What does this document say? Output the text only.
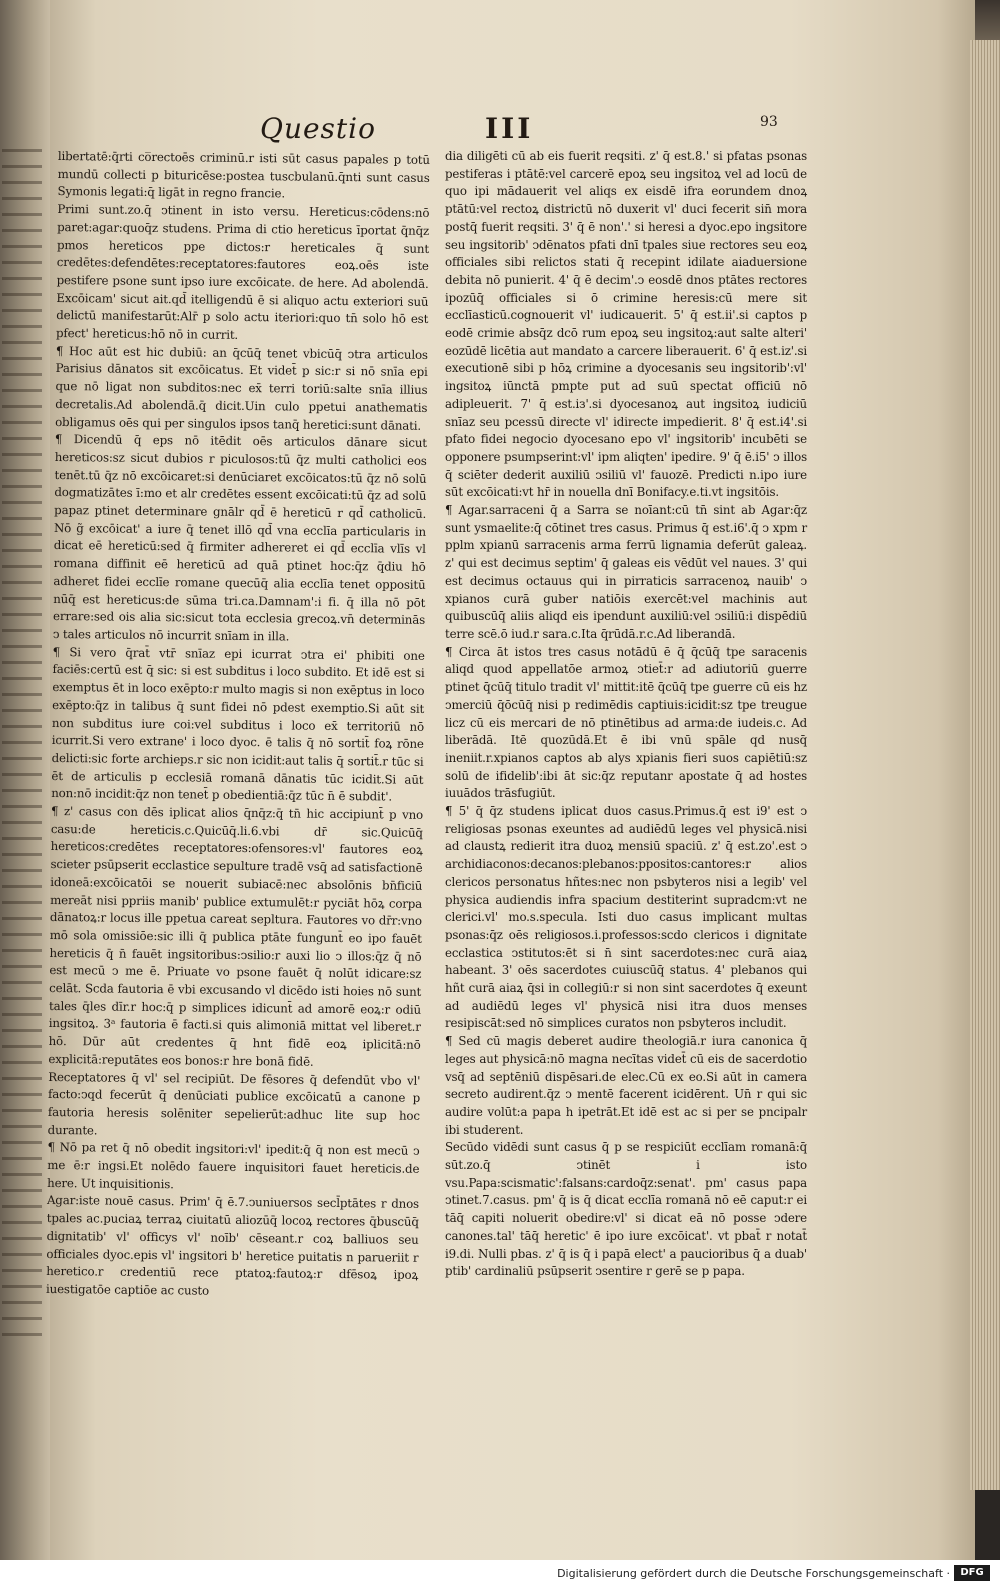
Questio	III	93

libertatē:q̄rti co̅rectoēs criminū.r isti sūt casus papales p totū mundū collecti p bituricēse:postea tuscbulanū.q̄nti sunt casus Symonis legati:q̄ ligāt in regno francie.

Primi sunt.zo.q̄ ↄtinent in isto versu. Hereticus:cōdens:nō paret:agar:quoq̄z studens. Prima di ctio hereticus īportat q̄nq̄z pmos hereticos ppe dictos:r hereticales q̄ sunt credētes:defendētes:receptatores:fautores eoꝝ.oēs iste pestifere psone sunt ipso iure excōicate. de here. Ad abolendā. Excōicam' sicut ait.qd̄ itelligendū ē si aliquo actu exteriori suū delictū manifestarūt:Alr̄ p solo actu iteriori:quo tn̄ solo hō est pfect' hereticus:hō nō in currit.

¶ Hoc aūt est hic dubiū: an q̄cūq̄ tenet vbicūq̄ ↄtra articulos Parisius dānatos sit excōicatus. Et videt̄ p sic:r si nō snīa epi que nō ligat non subditos:nec ex̄ terri toriū:salte snīa illius decretalis.Ad abolendā.q̄ dicit.Uin culo ppetui anathematis obligamus oēs qui per singulos ipsos tanq̄ heretici:sunt dānati.

¶ Dicendū q̄ eps nō itēdit oēs articulos dānare sicut hereticos:sz sicut dubios r piculosos:tū q̄z multi catholici eos tenēt.tū q̄z nō excōicaret:si denūciaret excōicatos:tū q̄z nō solū dogmatizātes ī:mo et alr credētes essent excōicati:tū q̄z ad solū papaz ptinet determinare gnālr qd̄ ē hereticū r qd̄ catholicū. Nō g̃ excōicat' a iure q̄ tenet illō qd̄ vna ecclīa particularis in dicat eē hereticū:sed q̄ firmiter adhereret ei qd̄ ecclīa vlīs vl romana diffinit eē hereticū ad quā ptinet hoc:q̄z q̄diu hō adheret fidei ecclīe romane quecūq̄ alia ecclīa tenet oppositū nūq̄ est hereticus:de sūma tri.ca.Damnam':i fi. q̄ illa nō pōt errare:sed ois alia sic:sicut tota ecclesia grecoꝝ.vn̄ determinās ↄ tales articulos nō incurrit snīam in illa.

¶ Si vero q̄rat̄ vtr̄ snīaz epi icurrat ↄtra ei' phibiti one faciēs:certū est q̄ sic: si est subditus i loco subdito. Et idē est si exemptus ēt in loco exēpto:r multo magis si non exēptus in loco exēpto:q̄z in talibus q̄ sunt fidei nō pdest exemptio.Si aūt sit non subditus iure coi:vel subditus i loco ex̄ territoriū nō icurrit.Si vero extrane' i loco dyoc. ē talis q̄ nō sortit̄ foꝝ rōne delicti:sic forte archieps.r sic non icidit:aut talis q̄ sortit̄.r tūc si ēt de articulis p ecclesiā romanā dānatis tūc icidit.Si aūt non:nō incidit:q̄z non tenet̄ p obedientiā:q̄z tūc n̄ ē subdit'.

¶ z' casus con dēs iplicat alios q̄nq̄z:q̄ tn̄ hic accipiunt̄ p vno casu:de hereticis.c.Quicūq̄.li.6.vbi dr̄ sic.Quicūq̄ hereticos:credētes receptatores:ofensores:vl' fautores eoꝝ scieter psūpserit ecclastice sepulture tradē vsq̄ ad satisfactionē idoneā:excōicatōi se nouerit subiacē:nec absolōnis bn̄ficiū mereāt nisi ppriis manib' publice extumulēt:r pyciāt hōꝝ corpa dānatoꝝ:r locus ille ppetua careat sepltura. Fautores vo dr̄r:vno mō sola omissiōe:sic illi q̄ publica ptāte fungunt̄ eo ipo fauēt hereticis q̄ n̄ fauēt ingsitoribus:ↄsilio:r auxi lio ↄ illos:q̄z q̄ nō est mecū ↄ me ē. Priuate vo psone fauēt q̄ nolūt idicare:sz celāt. Scda fautoria ē vbi excusando vl dicēdo isti hoies nō sunt tales q̄les dīr.r hoc:q̄ p simplices idicunt̄ ad amorē eoꝝ:r odiū ingsitoꝝ. 3ᵃ fautoria ē facti.si quis alimoniā mittat vel liberet.r hō. Dūr aūt credentes q̄ hnt fidē eoꝝ iplicitā:nō explicitā:reputātes eos bonos:r hre bonā fidē.

Receptatores q̄ vl' sel recipiūt. De fēsores q̄ defendūt vbo vl' facto:ↄqd fecerūt q̄ denūciati publice excōicatū a canone p fautoria heresis solēniter sepelierūt:adhuc lite sup hoc durante.

¶ Nō pa ret q̄ nō obedit ingsitori:vl' ipedit:q̄ q̄ non est mecū ↄ me ē:r ingsi.Et nolēdo fauere inquisitori fauet hereticis.de here. Ut inquisitionis.

Agar:iste nouē casus. Prim' q̄ ē.7.ↄuniuersos secl̄ptātes r dnos tpales ac.puciaꝝ terraꝝ ciuitatū aliozūq̄ locoꝝ rectores q̄buscūq̄ dignitatib' vl' officys vl' noīb' cēseant.r coꝝ balliuos seu officiales dyoc.epis vl' ingsitori b' heretice puitatis n parueriit r heretico.r credentiū rece ptatoꝝ:fautoꝝ:r dfēsoꝝ ipoꝝ iuestigatōe captiōe ac custo

dia diligēti cū ab eis fuerit reqsiti. z' q̄ est.8.' si pfatas psonas pestiferas i ptātē:vel carcerē epoꝝ seu ingsitoꝝ vel ad locū de quo ipi mādauerit vel aliqs ex eisdē ifra eorundem dnoꝝ ptātū:vel rectoꝝ districtū nō duxerit vl' duci fecerit sin̄ mora postq̄ fuerit reqsiti. 3' q̄ ē non'.' si heresi a dyoc.epo ingsitore seu ingsitorib' ↄdēnatos pfati dnī tpales siue rectores seu eoꝝ officiales sibi relictos stati q̄ recepint idilate aiaduersione debita nō punierit. 4' q̄ ē decim'.ↄ eosdē dnos ptātes rectores ipozūq̄ officiales si ō crimine heresis:cū mere sit ecclīasticū.cognouerit vl' iudicauerit. 5' q̄ est.ii'.si captos p eodē crimie absq̄z dcō rum epoꝝ seu ingsitoꝝ:aut salte alteri' eozūdē licētia aut mandato a carcere liberauerit. 6' q̄ est.iz'.si executionē sibi p hōꝝ crimine a dyocesanis seu ingsitorib':vl' ingsitoꝝ iūnctā pmpte put ad suū spectat officiū nō adipleuerit. 7' q̄ est.iз'.si dyocesanoꝝ aut ingsitoꝝ iudiciū snīaz seu pcessū directe vl' idirecte impedierit. 8' q̄ est.i4'.si pfato fidei negocio dyocesano epo vl' ingsitorib' incubēti se opponere psumpserint:vl' ipm aliqten' ipedire. 9' q̄ ē.i5' ↄ illos q̄ sciēter dederit auxiliū ↄsiliū vl' fauozē. Predicti n.ipo iure sūt excōicati:vt hr̄ in nouella dnī Bonifacy.e.ti.vt ingsitōis.

¶ Agar.sarraceni q̄ a Sarra se noīant:cū tn̄ sint ab Agar:q̄z sunt ysmaelite:q̄ cōtinet tres casus. Primus q̄ est.i6'.q̄ ↄ xpm r pplm xpianū sarracenis arma ferrū lignamia deferūt galeaꝝ. z' qui est decimus septim' q̄ galeas eis vēdūt vel naues. 3' qui est decimus octauus qui in pirraticis sarracenoꝝ nauib' ↄ xpianos curā guber natiōis exercēt:vel machinis aut quibuscūq̄ aliis aliqd eis ipendunt auxiliū:vel ↄsiliū:i dispēdiū terre scē.ō iud.r sara.c.Ita q̄rūdā.r.c.Ad liberandā.

¶ Circa āt istos tres casus notādū ē q̄ q̄cūq̄ tpe saracenis aliqd quod appellatōe armoꝝ ↄtiet̄:r ad adiutoriū guerre ptinet q̄cūq̄ titulo tradit vl' mittit:itē q̄cūq̄ tpe guerre cū eis hz ↄmerciū q̄ōcūq̄ nisi p redimēdis captiuis:icidit:sz tpe treugue licz cū eis mercari de nō ptinētibus ad arma:de iudeis.c. Ad liberādā. Itē quozūdā.Et ē ibi vnū spāle qd nusq̄ ineniit.r.xpianos captos ab alys xpianis fieri suos capiētiū:sz solū de ifidelib':ibi āt sic:q̄z reputanr apostate q̄ ad hostes iuuādos trāsfugiūt.

¶ 5' q̄ q̄z studens iplicat duos casus.Primus.q̄ est i9' est ↄ religiosas psonas exeuntes ad audiēdū leges vel physicā.nisi ad claustꝝ redierit itra duoꝝ mensiū spaciū. z' q̄ est.zo'.est ↄ archidiaconos:decanos:plebanos:ppositos:cantores:r alios clericos personatus hñtes:nec non psbyteros nisi a legib' vel physica audiendis infra spacium destiterint supradcm:vt ne clerici.vl' mo.s.specula. Isti duo casus implicant multas psonas:q̄z oēs religiosos.i.professos:scdo clericos i dignitate ecclastica ↄstitutos:ēt si n̄ sint sacerdotes:nec curā aiaꝝ habeant. 3' oēs sacerdotes cuiuscūq̄ status. 4' plebanos qui hñt curā aiaꝝ q̄si in collegiū:r si non sint sacerdotes q̄ exeunt ad audiēdū leges vl' physicā nisi itra duos menses resipiscāt:sed nō simplices curatos non psbyteros includit.

¶ Sed cū magis deberet audire theologiā.r iura canonica q̄ leges aut physicā:nō magna necītas videt̄ cū eis de sacerdotio vsq̄ ad septēniū dispēsari.de elec.Cū ex eo.Si aūt in camera secreto audirent.q̄z ↄ mentē facerent icidērent. Un̄ r qui sic audire volūt:a papa h ipetrāt.Et idē est ac si per se pncipalr ibi studerent.

Secūdo vidēdi sunt casus q̄ p se respiciūt ecclīam romanā:q̄ sūt.zo.q̄ ↄtinēt i isto vsu.Papa:scismatic':falsans:cardoq̄z:senat'. pm' casus papa ↄtinet.7.casus. pm' q̄ is q̄ dicat ecclīa romanā nō eē caput:r ei tāq̄ capiti noluerit obedire:vl' si dicat eā nō posse ↄdere canones.tal' tāq̄ heretic' ē ipo iure excōicat'. vt pbat̄ r notat̄ i9.di. Nulli pbas. z' q̄ is q̄ i papā elect' a paucioribus q̄ a duab' ptib' cardinaliū psūpserit ↄsentire r gerē se p papa.

Digitalisierung gefördert durch die Deutsche Forschungsgemeinschaft ·	DFG
